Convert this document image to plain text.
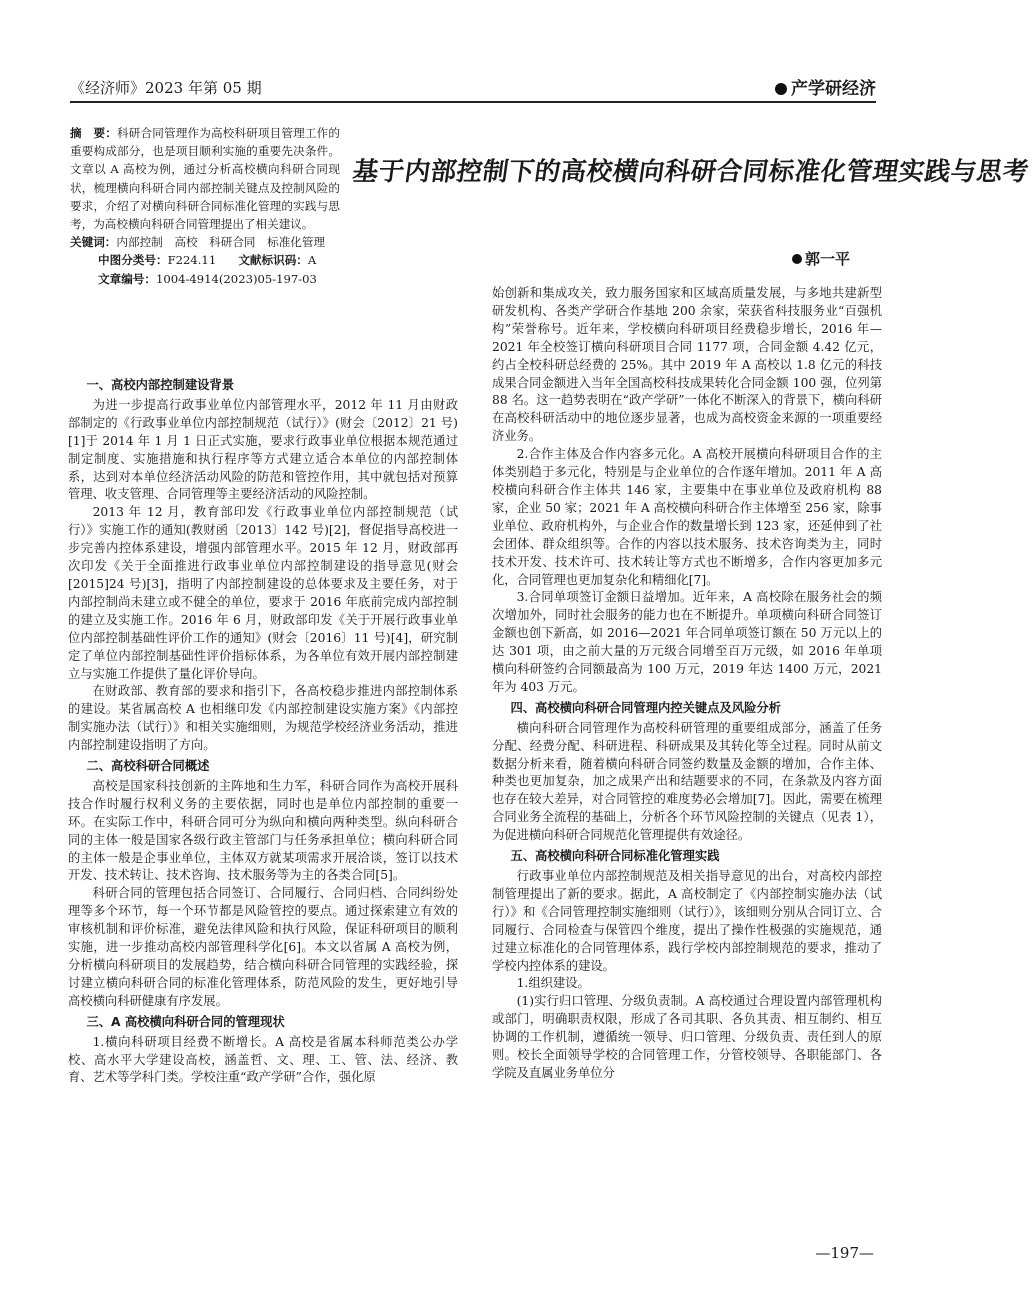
《经济师》2023 年第 05 期	产学研经济
摘　要：科研合同管理作为高校科研项目管理工作的重要构成部分，也是项目顺利实施的重要先决条件。文章以 A 高校为例，通过分析高校横向科研合同现状，梳理横向科研合同内部控制关键点及控制风险的要求，介绍了对横向科研合同标准化管理的实践与思考，为高校横向科研合同管理提出了相关建议。
关键词：内部控制　高校　科研合同　标准化管理
中图分类号：F224.11 文献标识码：A
文章编号：1004-4914(2023)05-197-03
基于内部控制下的高校横向科研合同标准化管理实践与思考
郭一平
一、高校内部控制建设背景

为进一步提高行政事业单位内部管理水平，2012 年 11 月由财政部制定的《行政事业单位内部控制规范（试行）》(财会〔2012〕21 号)[1]于 2014 年 1 月 1 日正式实施，要求行政事业单位根据本规范通过制定制度、实施措施和执行程序等方式建立适合本单位的内部控制体系，达到对本单位经济活动风险的防范和管控作用，其中就包括对预算管理、收支管理、合同管理等主要经济活动的风险控制。

2013 年 12 月，教育部印发《行政事业单位内部控制规范（试行）》实施工作的通知(教财函〔2013〕142 号)[2]，督促指导高校进一步完善内控体系建设，增强内部管理水平。2015 年 12 月，财政部再次印发《关于全面推进行政事业单位内部控制建设的指导意见(财会[2015]24 号)[3]，指明了内部控制建设的总体要求及主要任务，对于内部控制尚未建立或不健全的单位，要求于 2016 年底前完成内部控制的建立及实施工作。2016 年 6 月，财政部印发《关于开展行政事业单位内部控制基础性评价工作的通知》(财会〔2016〕11 号)[4]，研究制定了单位内部控制基础性评价指标体系，为各单位有效开展内部控制建立与实施工作提供了量化评价导向。

在财政部、教育部的要求和指引下，各高校稳步推进内部控制体系的建设。某省属高校 A 也相继印发《内部控制建设实施方案》《内部控制实施办法（试行）》和相关实施细则，为规范学校经济业务活动，推进内部控制建设指明了方向。

二、高校科研合同概述

高校是国家科技创新的主阵地和生力军，科研合同作为高校开展科技合作时履行权利义务的主要依据，同时也是单位内部控制的重要一环。在实际工作中，科研合同可分为纵向和横向两种类型。纵向科研合同的主体一般是国家各级行政主管部门与任务承担单位；横向科研合同的主体一般是企事业单位，主体双方就某项需求开展洽谈，签订以技术开发、技术转让、技术咨询、技术服务等为主的各类合同[5]。

科研合同的管理包括合同签订、合同履行、合同归档、合同纠纷处理等多个环节，每一个环节都是风险管控的要点。通过探索建立有效的审核机制和评价标准，避免法律风险和执行风险，保证科研项目的顺利实施，进一步推动高校内部管理科学化[6]。本文以省属 A 高校为例，分析横向科研项目的发展趋势，结合横向科研合同管理的实践经验，探讨建立横向科研合同的标准化管理体系，防范风险的发生，更好地引导高校横向科研健康有序发展。

三、A 高校横向科研合同的管理现状

1.横向科研项目经费不断增长。A 高校是省属本科师范类公办学校、高水平大学建设高校，涵盖哲、文、理、工、管、法、经济、教育、艺术等学科门类。学校注重“政产学研”合作，强化原

始创新和集成攻关，致力服务国家和区域高质量发展，与多地共建新型研发机构、各类产学研合作基地 200 余家，荣获省科技服务业“百强机构”荣誉称号。近年来，学校横向科研项目经费稳步增长，2016 年—2021 年全校签订横向科研项目合同 1177 项，合同金额 4.42 亿元，约占全校科研总经费的 25%。其中 2019 年 A 高校以 1.8 亿元的科技成果合同金额进入当年全国高校科技成果转化合同金额 100 强，位列第 88 名。这一趋势表明在“政产学研”一体化不断深入的背景下，横向科研在高校科研活动中的地位逐步显著，也成为高校资金来源的一项重要经济业务。

2.合作主体及合作内容多元化。A 高校开展横向科研项目合作的主体类别趋于多元化，特别是与企业单位的合作逐年增加。2011 年 A 高校横向科研合作主体共 146 家，主要集中在事业单位及政府机构 88 家，企业 50 家；2021 年 A 高校横向科研合作主体增至 256 家，除事业单位、政府机构外，与企业合作的数量增长到 123 家，还延伸到了社会团体、群众组织等。合作的内容以技术服务、技术咨询类为主，同时技术开发、技术许可、技术转让等方式也不断增多，合作内容更加多元化，合同管理也更加复杂化和精细化[7]。

3.合同单项签订金额日益增加。近年来，A 高校除在服务社会的频次增加外，同时社会服务的能力也在不断提升。单项横向科研合同签订金额也创下新高，如 2016—2021 年合同单项签订额在 50 万元以上的达 301 项，由之前大量的万元级合同增至百万元级，如 2016 年单项横向科研签约合同额最高为 100 万元，2019 年达 1400 万元，2021 年为 403 万元。

四、高校横向科研合同管理内控关键点及风险分析

横向科研合同管理作为高校科研管理的重要组成部分，涵盖了任务分配、经费分配、科研进程、科研成果及其转化等全过程。同时从前文数据分析来看，随着横向科研合同签约数量及金额的增加，合作主体、种类也更加复杂，加之成果产出和结题要求的不同，在条款及内容方面也存在较大差异，对合同管控的难度势必会增加[7]。因此，需要在梳理合同业务全流程的基础上，分析各个环节风险控制的关键点（见表 1），为促进横向科研合同规范化管理提供有效途径。

五、高校横向科研合同标准化管理实践

行政事业单位内部控制规范及相关指导意见的出台，对高校内部控制管理提出了新的要求。据此，A 高校制定了《内部控制实施办法（试行）》和《合同管理控制实施细则（试行）》，该细则分别从合同订立、合同履行、合同检查与保管四个维度，提出了操作性极强的实施规范，通过建立标准化的合同管理体系，践行学校内部控制规范的要求，推动了学校内控体系的建设。

1.组织建设。

(1)实行归口管理、分级负责制。A 高校通过合理设置内部管理机构或部门，明确职责权限，形成了各司其职、各负其责、相互制约、相互协调的工作机制，遵循统一领导、归口管理、分级负责、责任到人的原则。校长全面领导学校的合同管理工作，分管校领导、各职能部门、各学院及直属业务单位分

—197—
